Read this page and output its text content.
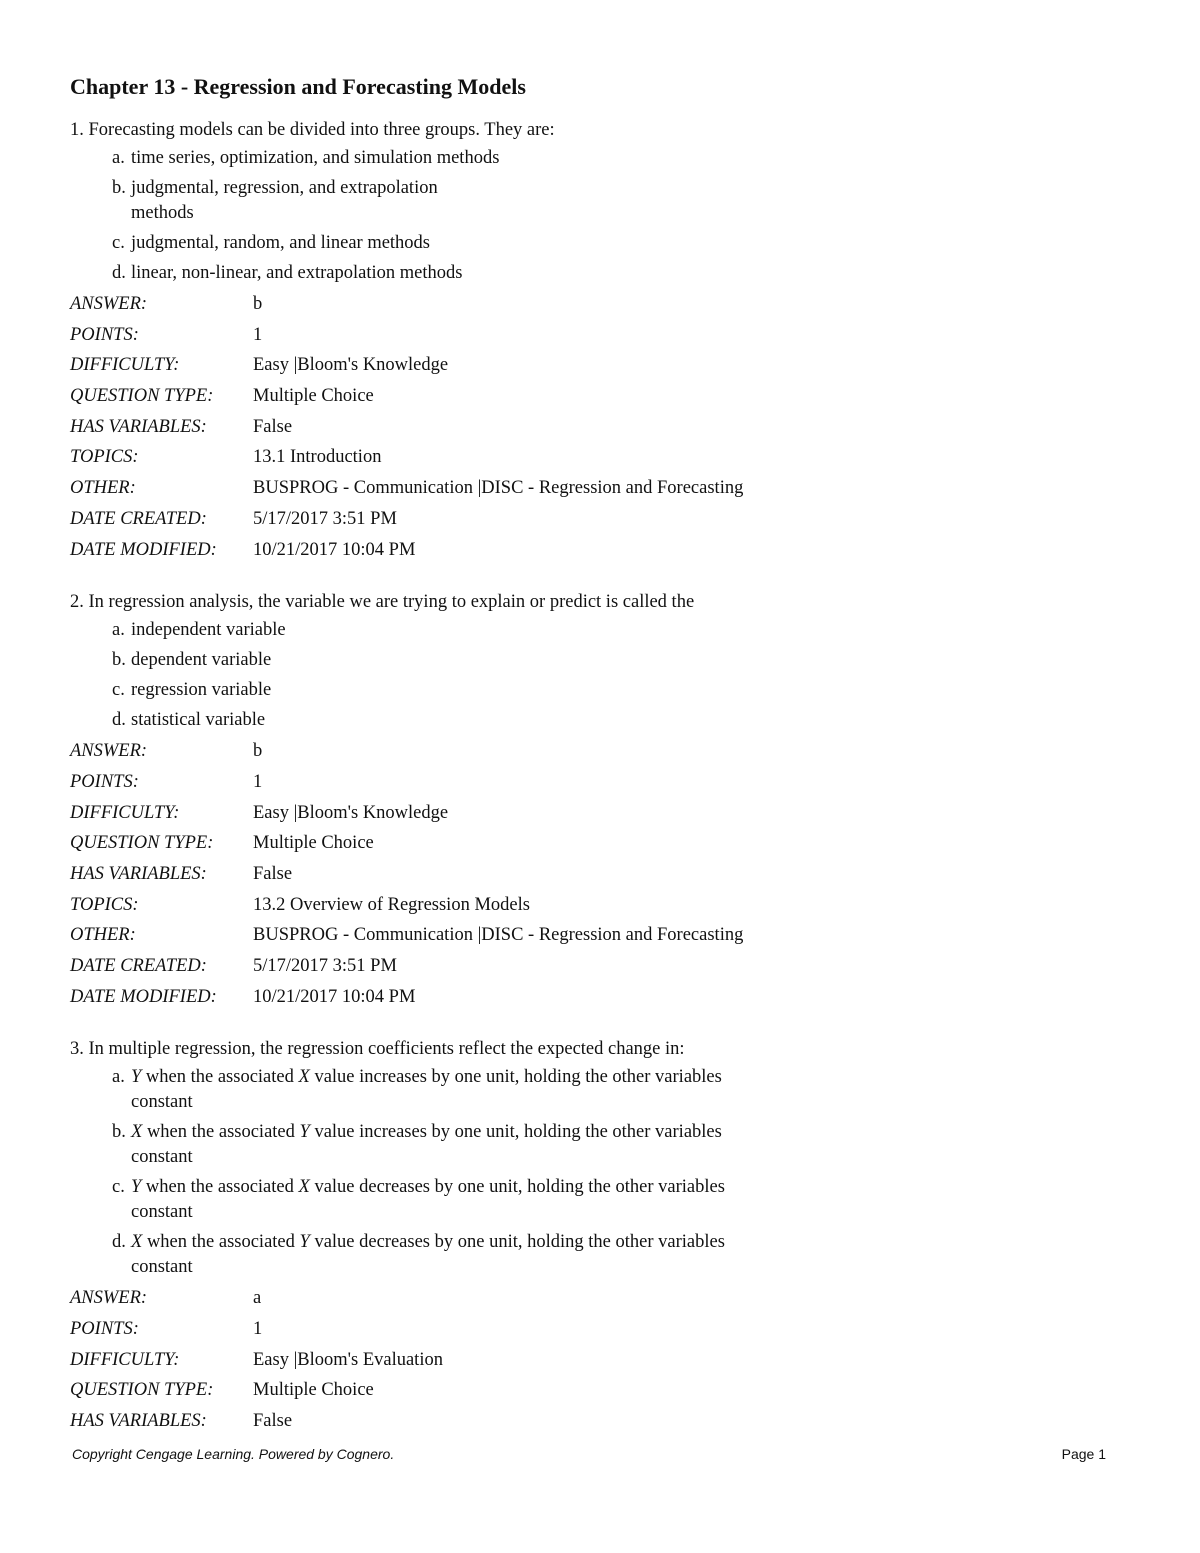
Chapter 13 - Regression and Forecasting Models
1. Forecasting models can be divided into three groups. They are:
a. time series, optimization, and simulation methods
b. judgmental, regression, and extrapolation
methods
c. judgmental, random, and linear methods
d. linear, non-linear, and extrapolation methods
ANSWER:	b
POINTS:	1
DIFFICULTY:	Easy |Bloom's Knowledge
QUESTION TYPE:	Multiple Choice
HAS VARIABLES:	False
TOPICS:	13.1 Introduction
OTHER:	BUSPROG - Communication |DISC - Regression and Forecasting
DATE CREATED:	5/17/2017 3:51 PM
DATE MODIFIED:	10/21/2017 10:04 PM
2. In regression analysis, the variable we are trying to explain or predict is called the
a. independent variable
b. dependent variable
c. regression variable
d. statistical variable
ANSWER:	b
POINTS:	1
DIFFICULTY:	Easy |Bloom's Knowledge
QUESTION TYPE:	Multiple Choice
HAS VARIABLES:	False
TOPICS:	13.2 Overview of Regression Models
OTHER:	BUSPROG - Communication |DISC - Regression and Forecasting
DATE CREATED:	5/17/2017 3:51 PM
DATE MODIFIED:	10/21/2017 10:04 PM
3. In multiple regression, the regression coefficients reflect the expected change in:
a. Y when the associated X value increases by one unit, holding the other variables
constant
b. X when the associated Y value increases by one unit, holding the other variables
constant
c. Y when the associated X value decreases by one unit, holding the other variables
constant
d. X when the associated Y value decreases by one unit, holding the other variables
constant
ANSWER:	a
POINTS:	1
DIFFICULTY:	Easy |Bloom's Evaluation
QUESTION TYPE:	Multiple Choice
HAS VARIABLES:	False
Copyright Cengage Learning. Powered by Cognero.	Page 1
